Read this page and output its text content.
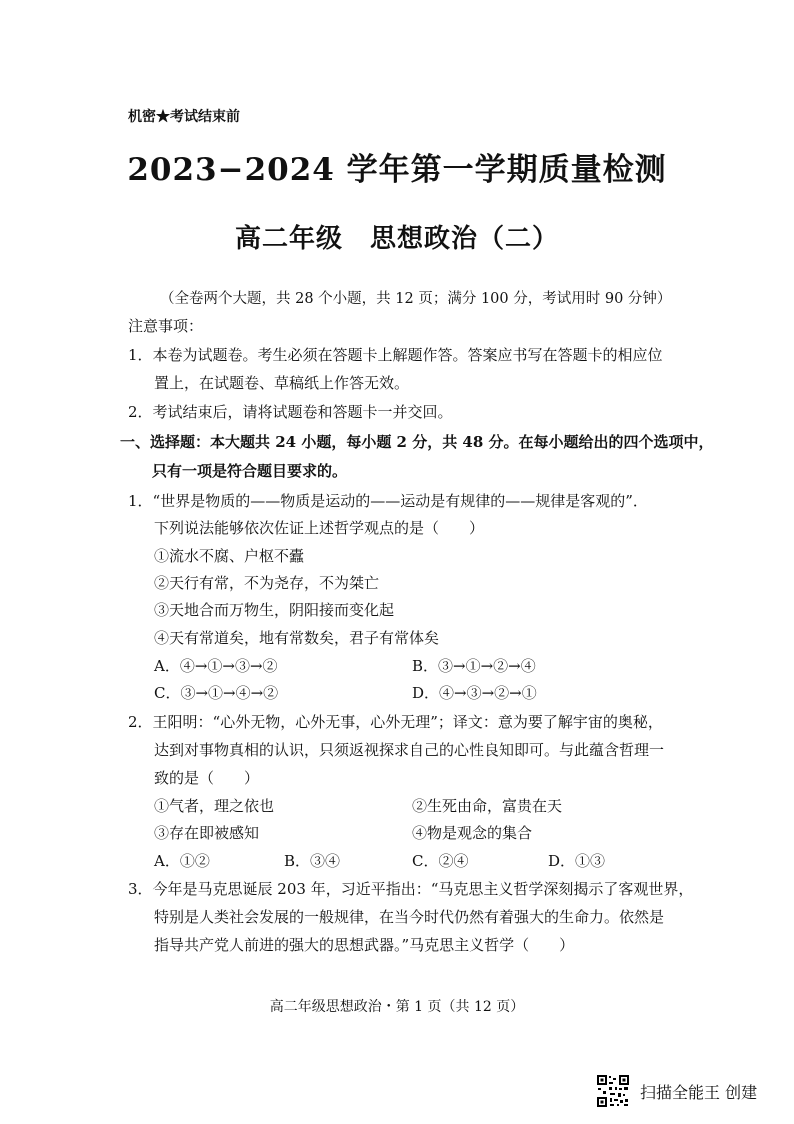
机密★考试结束前
2023−2024 学年第一学期质量检测
高二年级　思想政治（二）
（全卷两个大题，共 28 个小题，共 12 页；满分 100 分，考试用时 90 分钟）
注意事项：
1．本卷为试题卷。考生必须在答题卡上解题作答。答案应书写在答题卡的相应位
置上，在试题卷、草稿纸上作答无效。
2．考试结束后，请将试题卷和答题卡一并交回。
一、选择题：本大题共 24 小题，每小题 2 分，共 48 分。在每小题给出的四个选项中，
只有一项是符合题目要求的。
1．“世界是物质的——物质是运动的——运动是有规律的——规律是客观的”．
下列说法能够依次佐证上述哲学观点的是（　　）
①流水不腐、户枢不蠹
②天行有常，不为尧存，不为桀亡
③天地合而万物生，阴阳接而变化起
④天有常道矣，地有常数矣，君子有常体矣
A．④→①→③→②	B．③→①→②→④
C．③→①→④→②	D．④→③→②→①
2．王阳明：“心外无物，心外无事，心外无理”；译文：意为要了解宇宙的奥秘，
达到对事物真相的认识，只须返视探求自己的心性良知即可。与此蕴含哲理一
致的是（　　）
①气者，理之依也	②生死由命，富贵在天
③存在即被感知	④物是观念的集合
A．①②	B．③④	C．②④	D．①③
3．今年是马克思诞辰 203 年，习近平指出：“马克思主义哲学深刻揭示了客观世界，
特别是人类社会发展的一般规律，在当今时代仍然有着强大的生命力。依然是
指导共产党人前进的强大的思想武器。”马克思主义哲学（　　）
高二年级思想政治・第 1 页（共 12 页）
扫描全能王 创建
